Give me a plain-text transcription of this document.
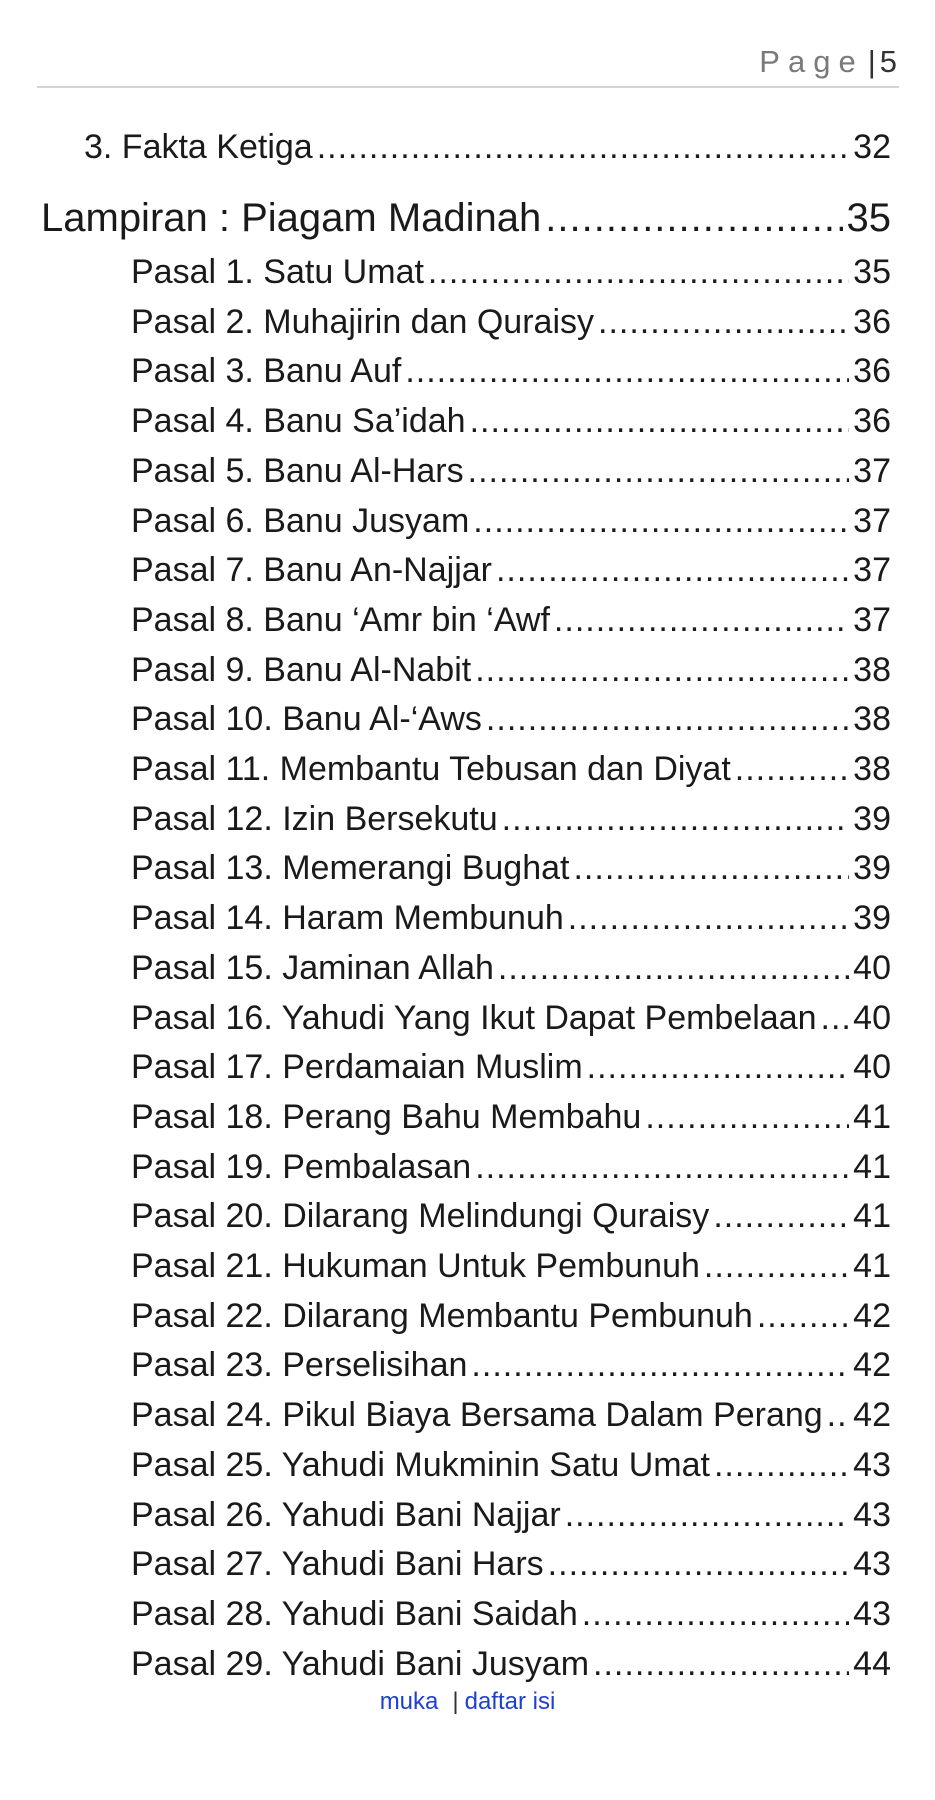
Page | 5
3. Fakta Ketiga .....	32
Lampiran : Piagam Madinah .....	35
Pasal 1. Satu Umat .....	35
Pasal 2. Muhajirin dan Quraisy .....	36
Pasal 3. Banu Auf .....	36
Pasal 4. Banu Sa’idah .....	36
Pasal 5. Banu Al-Hars .....	37
Pasal 6. Banu Jusyam .....	37
Pasal 7. Banu An-Najjar .....	37
Pasal 8. Banu ‘Amr bin ‘Awf .....	37
Pasal 9. Banu Al-Nabit .....	38
Pasal 10. Banu Al-‘Aws .....	38
Pasal 11. Membantu Tebusan dan Diyat .....	38
Pasal 12. Izin Bersekutu .....	39
Pasal 13. Memerangi Bughat .....	39
Pasal 14. Haram Membunuh .....	39
Pasal 15. Jaminan Allah .....	40
Pasal 16. Yahudi Yang Ikut Dapat Pembelaan ..... 40
Pasal 17. Perdamaian Muslim .....	40
Pasal 18. Perang Bahu Membahu .....	41
Pasal 19. Pembalasan .....	41
Pasal 20. Dilarang Melindungi Quraisy .....	41
Pasal 21. Hukuman Untuk Pembunuh .....	41
Pasal 22. Dilarang Membantu Pembunuh .....	42
Pasal 23. Perselisihan .....	42
Pasal 24. Pikul Biaya Bersama Dalam Perang ..... 42
Pasal 25. Yahudi Mukminin Satu Umat .....	43
Pasal 26. Yahudi Bani Najjar .....	43
Pasal 27. Yahudi Bani Hars .....	43
Pasal 28. Yahudi Bani Saidah .....	43
Pasal 29. Yahudi Bani Jusyam .....	44
muka | daftar isi
